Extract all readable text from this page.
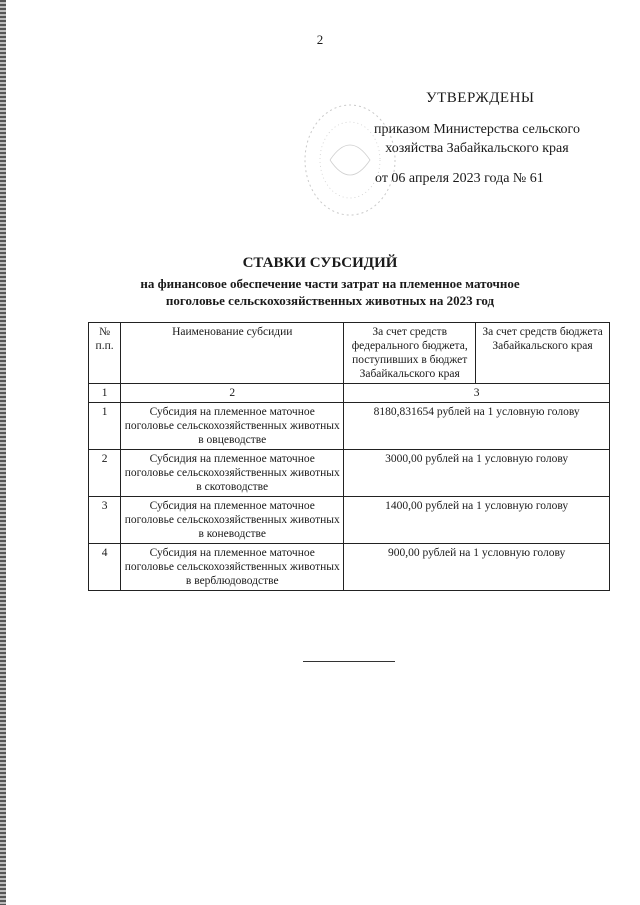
2
УТВЕРЖДЕНЫ
приказом Министерства сельского
хозяйства Забайкальского края
от 06 апреля 2023 года № 61
СТАВКИ СУБСИДИЙ
на финансовое обеспечение части затрат на племенное маточное
поголовье сельскохозяйственных животных на 2023 год
№ п.п.	Наименование субсидии	За счет средств федерального бюджета, поступивших в бюджет Забайкальского края	За счет средств бюджета Забайкальского края
1	2	3	
1	Субсидия на племенное маточное поголовье сельскохозяйственных животных в овцеводстве	8180,831654 рублей на 1 условную голову	
2	Субсидия на племенное маточное поголовье сельскохозяйственных животных в скотоводстве	3000,00 рублей на 1 условную голову	
3	Субсидия на племенное маточное поголовье сельскохозяйственных животных в коневодстве	1400,00 рублей на 1 условную голову	
4	Субсидия на племенное маточное поголовье сельскохозяйственных животных в верблюдоводстве	900,00 рублей на 1 условную голову	
